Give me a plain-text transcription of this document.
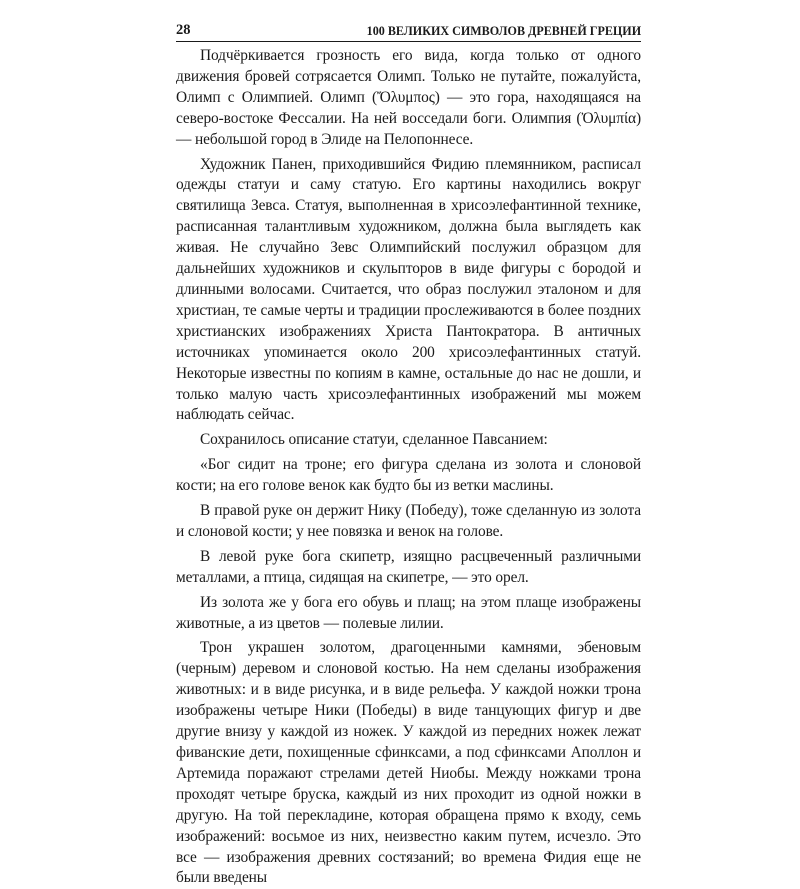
28	100 ВЕЛИКИХ СИМВОЛОВ ДРЕВНЕЙ ГРЕЦИИ

Подчёркивается грозность его вида, когда только от одного движения бровей сотрясается Олимп. Только не путайте, пожалуйста, Олимп с Олимпией. Олимп (Ὄλυμπος) — это гора, находящаяся на северо-востоке Фессалии. На ней восседали боги. Олимпия (Ὀλυμπία) — небольшой город в Элиде на Пелопоннесе.

Художник Панен, приходившийся Фидию племянником, расписал одежды статуи и саму статую. Его картины находились вокруг святилища Зевса. Статуя, выполненная в хрисоэлефантинной технике, расписанная талантливым художником, должна была выглядеть как живая. Не случайно Зевс Олимпийский послужил образцом для дальнейших художников и скульпторов в виде фигуры с бородой и длинными волосами. Считается, что образ послужил эталоном и для христиан, те самые черты и традиции прослеживаются в более поздних христианских изображениях Христа Пантократора. В античных источниках упоминается около 200 хрисоэлефантинных статуй. Некоторые известны по копиям в камне, остальные до нас не дошли, и только малую часть хрисоэлефантинных изображений мы можем наблюдать сейчас.

Сохранилось описание статуи, сделанное Павсанием:

«Бог сидит на троне; его фигура сделана из золота и слоновой кости; на его голове венок как будто бы из ветки маслины.

В правой руке он держит Нику (Победу), тоже сделанную из золота и слоновой кости; у нее повязка и венок на голове.

В левой руке бога скипетр, изящно расцвеченный различными металлами, а птица, сидящая на скипетре, — это орел.

Из золота же у бога его обувь и плащ; на этом плаще изображены животные, а из цветов — полевые лилии.

Трон украшен золотом, драгоценными камнями, эбеновым (черным) деревом и слоновой костью. На нем сделаны изображения животных: и в виде рисунка, и в виде рельефа. У каждой ножки трона изображены четыре Ники (Победы) в виде танцующих фигур и две другие внизу у каждой из ножек. У каждой из передних ножек лежат фиванские дети, похищенные сфинксами, а под сфинксами Аполлон и Артемида поражают стрелами детей Ниобы. Между ножками трона проходят четыре бруска, каждый из них проходит из одной ножки в другую. На той перекладине, которая обращена прямо к входу, семь изображений: восьмое из них, неизвестно каким путем, исчезло. Это все — изображения древних состязаний; во времена Фидия еще не были введены
